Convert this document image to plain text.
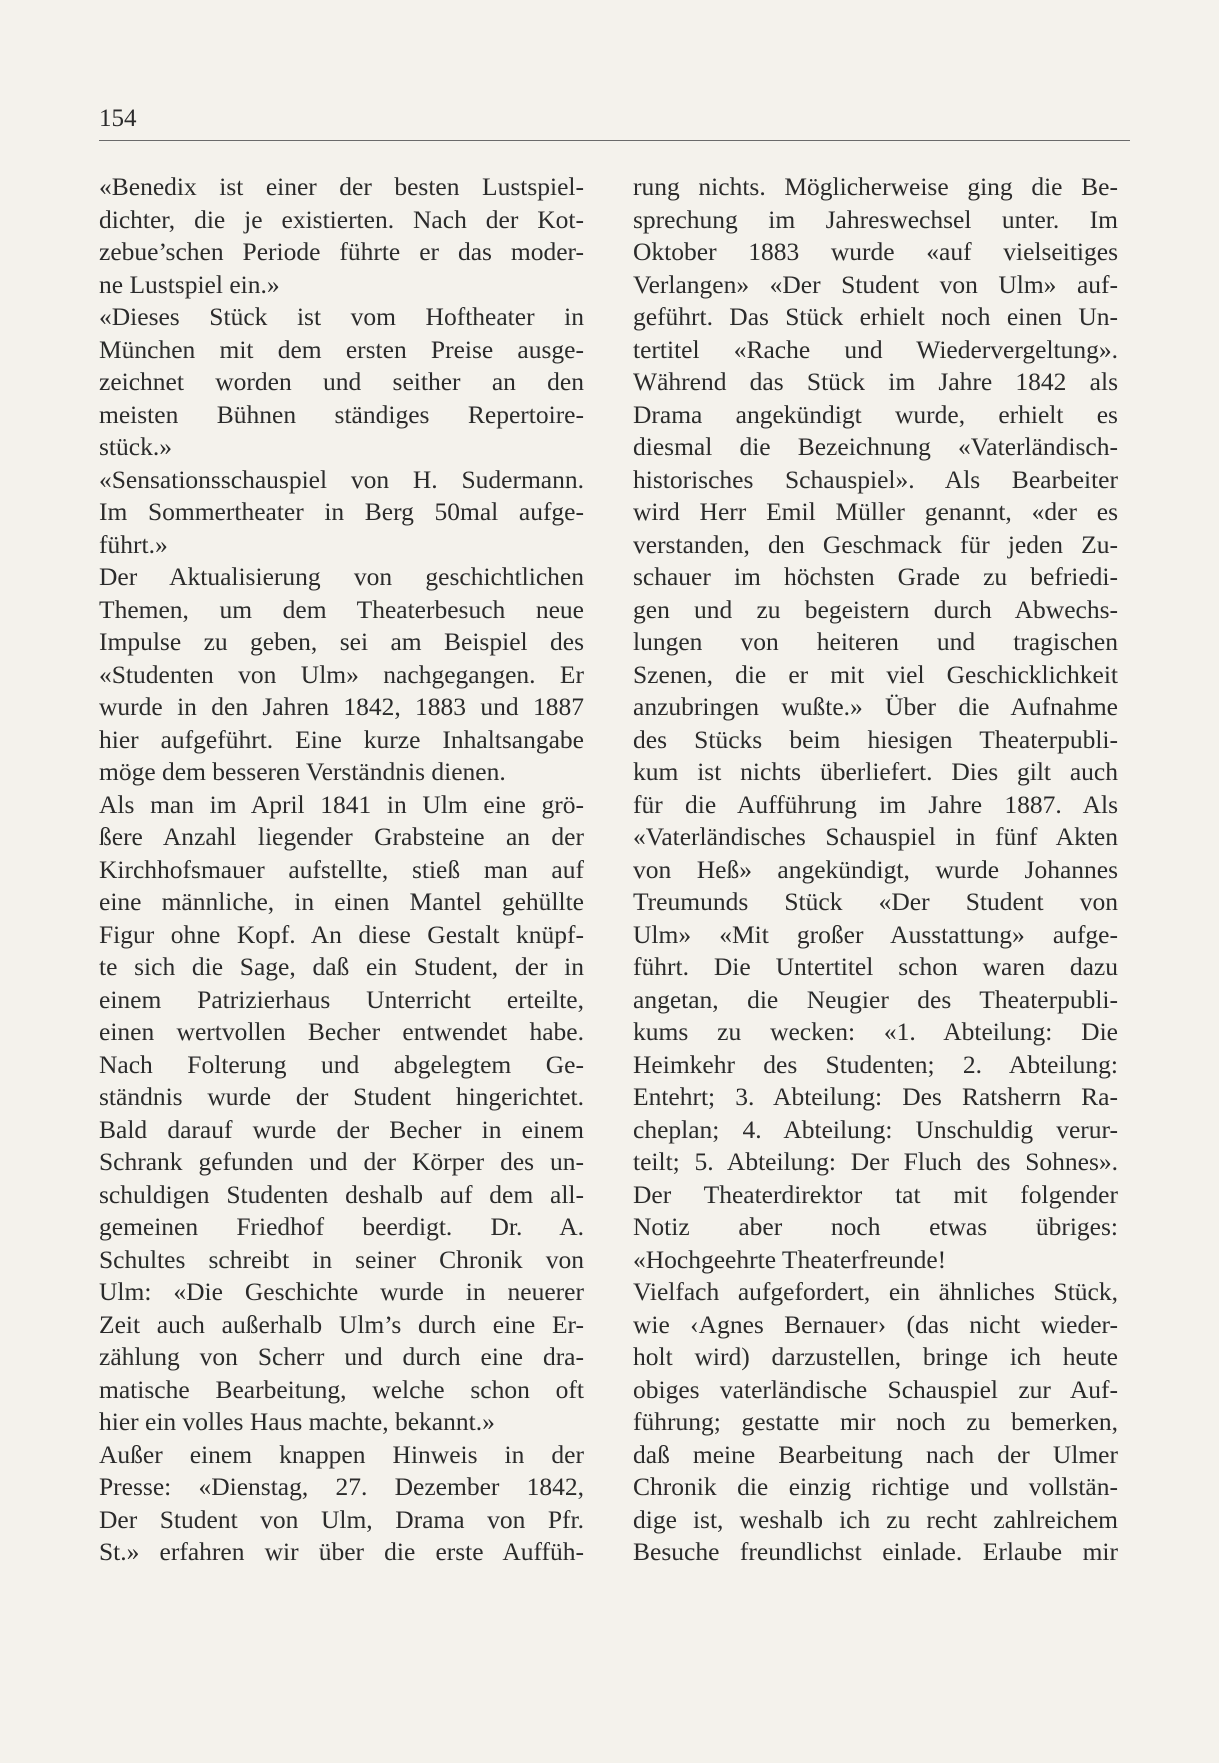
154
«Benedix ist einer der besten Lustspiel-
dichter, die je existierten. Nach der Kot-
zebue’schen Periode führte er das moder-
ne Lustspiel ein.»
«Dieses Stück ist vom Hoftheater in
München mit dem ersten Preise ausge-
zeichnet worden und seither an den
meisten Bühnen ständiges Repertoire-
stück.»
«Sensationsschauspiel von H. Sudermann.
Im Sommertheater in Berg 50mal aufge-
führt.»
Der Aktualisierung von geschichtlichen
Themen, um dem Theaterbesuch neue
Impulse zu geben, sei am Beispiel des
«Studenten von Ulm» nachgegangen. Er
wurde in den Jahren 1842, 1883 und 1887
hier aufgeführt. Eine kurze Inhaltsangabe
möge dem besseren Verständnis dienen.
Als man im April 1841 in Ulm eine grö-
ßere Anzahl liegender Grabsteine an der
Kirchhofsmauer aufstellte, stieß man auf
eine männliche, in einen Mantel gehüllte
Figur ohne Kopf. An diese Gestalt knüpf-
te sich die Sage, daß ein Student, der in
einem Patrizierhaus Unterricht erteilte,
einen wertvollen Becher entwendet habe.
Nach Folterung und abgelegtem Ge-
ständnis wurde der Student hingerichtet.
Bald darauf wurde der Becher in einem
Schrank gefunden und der Körper des un-
schuldigen Studenten deshalb auf dem all-
gemeinen Friedhof beerdigt. Dr. A.
Schultes schreibt in seiner Chronik von
Ulm: «Die Geschichte wurde in neuerer
Zeit auch außerhalb Ulm’s durch eine Er-
zählung von Scherr und durch eine dra-
matische Bearbeitung, welche schon oft
hier ein volles Haus machte, bekannt.»
Außer einem knappen Hinweis in der
Presse: «Dienstag, 27. Dezember 1842,
Der Student von Ulm, Drama von Pfr.
St.» erfahren wir über die erste Auffüh-
rung nichts. Möglicherweise ging die Be-
sprechung im Jahreswechsel unter. Im
Oktober 1883 wurde «auf vielseitiges
Verlangen» «Der Student von Ulm» auf-
geführt. Das Stück erhielt noch einen Un-
tertitel «Rache und Wiedervergeltung».
Während das Stück im Jahre 1842 als
Drama angekündigt wurde, erhielt es
diesmal die Bezeichnung «Vaterländisch-
historisches Schauspiel». Als Bearbeiter
wird Herr Emil Müller genannt, «der es
verstanden, den Geschmack für jeden Zu-
schauer im höchsten Grade zu befriedi-
gen und zu begeistern durch Abwechs-
lungen von heiteren und tragischen
Szenen, die er mit viel Geschicklichkeit
anzubringen wußte.» Über die Aufnahme
des Stücks beim hiesigen Theaterpubli-
kum ist nichts überliefert. Dies gilt auch
für die Aufführung im Jahre 1887. Als
«Vaterländisches Schauspiel in fünf Akten
von Heß» angekündigt, wurde Johannes
Treumunds Stück «Der Student von
Ulm» «Mit großer Ausstattung» aufge-
führt. Die Untertitel schon waren dazu
angetan, die Neugier des Theaterpubli-
kums zu wecken: «1. Abteilung: Die
Heimkehr des Studenten; 2. Abteilung:
Entehrt; 3. Abteilung: Des Ratsherrn Ra-
cheplan; 4. Abteilung: Unschuldig verur-
teilt; 5. Abteilung: Der Fluch des Sohnes».
Der Theaterdirektor tat mit folgender
Notiz aber noch etwas übriges:
«Hochgeehrte Theaterfreunde!
Vielfach aufgefordert, ein ähnliches Stück,
wie ‹Agnes Bernauer› (das nicht wieder-
holt wird) darzustellen, bringe ich heute
obiges vaterländische Schauspiel zur Auf-
führung; gestatte mir noch zu bemerken,
daß meine Bearbeitung nach der Ulmer
Chronik die einzig richtige und vollstän-
dige ist, weshalb ich zu recht zahlreichem
Besuche freundlichst einlade. Erlaube mir
